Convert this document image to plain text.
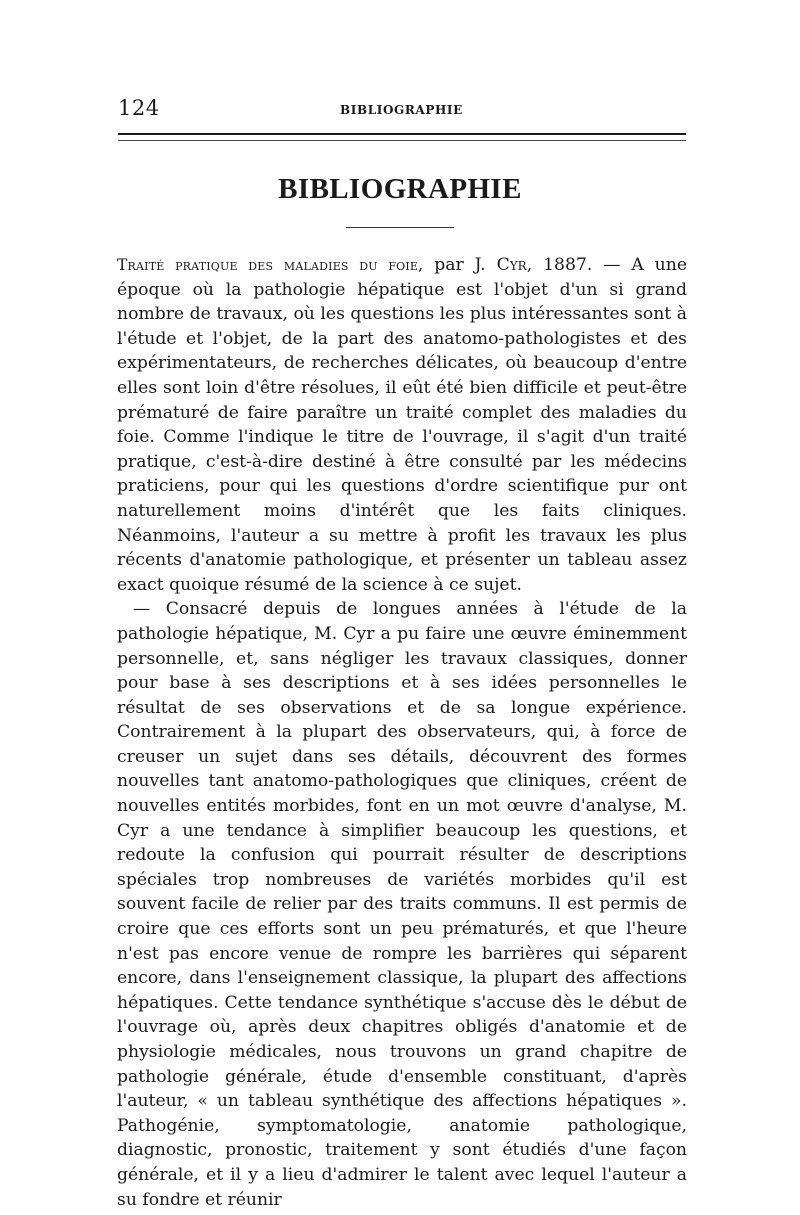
124	BIBLIOGRAPHIE
BIBLIOGRAPHIE

Traité pratique des maladies du foie, par J. Cyr, 1887. — A une époque où la pathologie hépatique est l'objet d'un si grand nombre de travaux, où les questions les plus intéressantes sont à l'étude et l'objet, de la part des anatomo-pathologistes et des expérimentateurs, de recherches délicates, où beaucoup d'entre elles sont loin d'être résolues, il eût été bien difficile et peut-être prématuré de faire paraître un traité complet des maladies du foie. Comme l'indique le titre de l'ouvrage, il s'agit d'un traité pratique, c'est-à-dire destiné à être consulté par les médecins praticiens, pour qui les questions d'ordre scientifique pur ont naturellement moins d'intérêt que les faits cliniques. Néanmoins, l'auteur a su mettre à profit les travaux les plus récents d'anatomie pathologique, et présenter un tableau assez exact quoique résumé de la science à ce sujet.

— Consacré depuis de longues années à l'étude de la pathologie hépatique, M. Cyr a pu faire une œuvre éminemment personnelle, et, sans négliger les travaux classiques, donner pour base à ses descriptions et à ses idées personnelles le résultat de ses observations et de sa longue expérience. Contrairement à la plupart des observateurs, qui, à force de creuser un sujet dans ses détails, découvrent des formes nouvelles tant anatomo-pathologiques que cliniques, créent de nouvelles entités morbides, font en un mot œuvre d'analyse, M. Cyr a une tendance à simplifier beaucoup les questions, et redoute la confusion qui pourrait résulter de descriptions spéciales trop nombreuses de variétés morbides qu'il est souvent facile de relier par des traits communs. Il est permis de croire que ces efforts sont un peu prématurés, et que l'heure n'est pas encore venue de rompre les barrières qui séparent encore, dans l'enseignement classique, la plupart des affections hépatiques. Cette tendance synthétique s'accuse dès le début de l'ouvrage où, après deux chapitres obligés d'anatomie et de physiologie médicales, nous trouvons un grand chapitre de pathologie générale, étude d'ensemble constituant, d'après l'auteur, « un tableau synthétique des affections hépatiques ». Pathogénie, symptomatologie, anatomie pathologique, diagnostic, pronostic, traitement y sont étudiés d'une façon générale, et il y a lieu d'admirer le talent avec lequel l'auteur a su fondre et réunir
